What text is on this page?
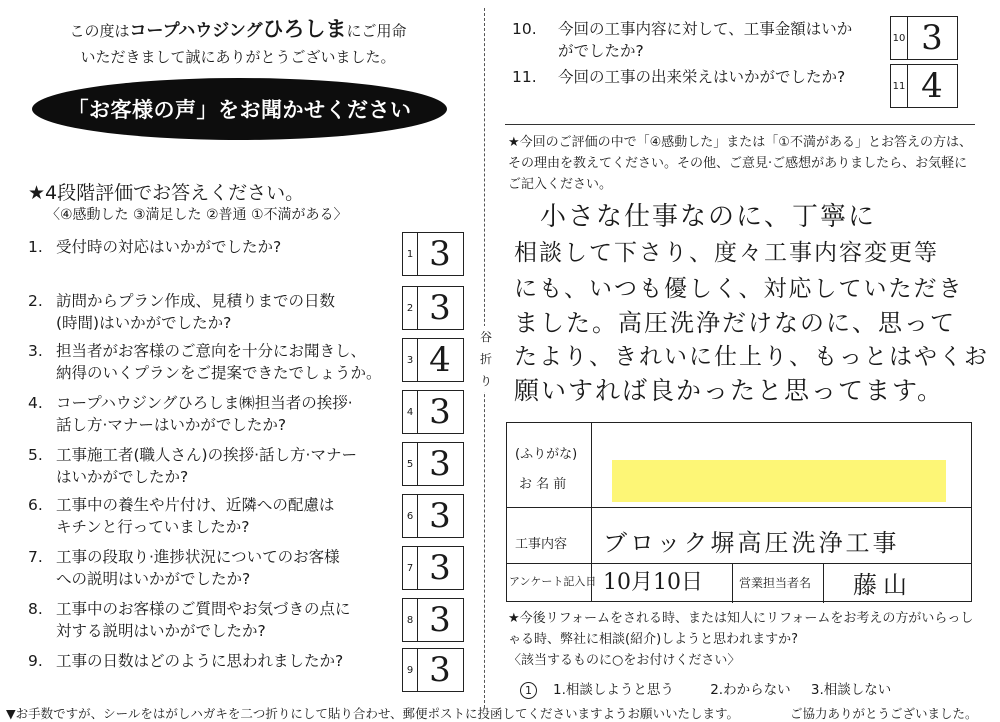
この度はコープハウジングひろしまにご用命
いただきまして誠にありがとうございました。
「お客様の声」をお聞かせください
★4段階評価でお答えください。
〈④感動した ③満足した ②普通 ①不満がある〉
1. 受付時の対応はいかがでしたか?	1 3
2. 訪問からプラン作成、見積りまでの日数
(時間)はいかがでしたか?
2 3
3. 担当者がお客様のご意向を十分にお聞きし、
納得のいくプランをご提案できたでしょうか。
3 4
4. コープハウジングひろしま㈱担当者の挨拶·
話し方·マナーはいかがでしたか?
4 3
5. 工事施工者(職人さん)の挨拶·話し方·マナー
はいかがでしたか?
5 3
6. 工事中の養生や片付け、近隣への配慮は
キチンと行っていましたか?
6 3
7. 工事の段取り·進捗状況についてのお客様
への説明はいかがでしたか?
7 3
8. 工事中のお客様のご質問やお気づきの点に
対する説明はいかがでしたか?
8 3
9. 工事の日数はどのように思われましたか?	9 3
谷
折
り
10. 今回の工事内容に対して、工事金額はいか
がでしたか?
10 3
11. 今回の工事の出来栄えはいかがでしたか?	11 4
★今回のご評価の中で「④感動した」または「①不満がある」とお答えの方は、その理由を教えてください。その他、ご意見·ご感想がありましたら、お気軽にご記入ください。
小さな仕事なのに、丁寧に
相談して下さり、度々工事内容変更等
にも、いつも優しく、対応していただき
ました。高圧洗浄だけなのに、思って
たより、きれいに仕上り、もっとはやくお
願いすれば良かったと思ってます。
(ふりがな)
お 名 前
工事内容 ブロック塀高圧洗浄工事
アンケート記入日 10月10日	営業担当者名 藤山
★今後リフォームをされる時、または知人にリフォームをお考えの方がいらっしゃる時、弊社に相談(紹介)しようと思われますか?
〈該当するものに○をお付けください〉
1 1.相談しようと思う	2.わからない 3.相談しない
▼お手数ですが、シールをはがしハガキを二つ折りにして貼り合わせ、郵便ポストに投函してくださいますようお願いいたします。	ご協力ありがとうございました。
